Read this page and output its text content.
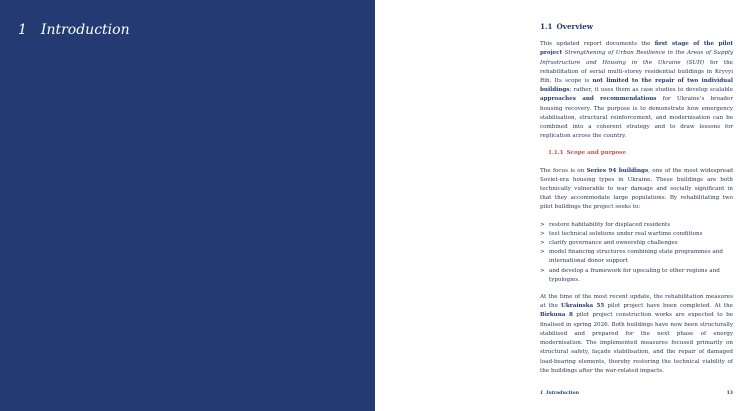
1 Introduction	1.1 Overview

This updated report documents the first stage of the pilot project Strengthening of Urban Resilience in the Areas of Supply Infrastructure and Housing in the Ukraine (SUH) for the rehabilitation of serial multi-storey residential buildings in Kryvyi Rih. Its scope is not limited to the repair of two individual buildings; rather, it uses them as case studies to develop scalable approaches and recommendations for Ukraine’s broader housing recovery. The purpose is to demonstrate how emergency stabilisation, structural reinforcement, and modernisation can be combined into a coherent strategy and to draw lessons for replication across the country.

1.1.1 Scope and purpose

The focus is on Series 94 buildings, one of the most widespread Soviet-era housing types in Ukraine. These buildings are both technically vulnerable to war damage and socially significant in that they accommodate large populations. By rehabilitating two pilot buildings the project seeks to:

> restore habitability for displaced residents
> test technical solutions under real wartime conditions
> clarify governance and ownership challenges
> model financing structures combining state programmes and international donor support
> and develop a framework for upscaling to other regions and typologies.

At the time of the most recent update, the rehabilitation measures at the Ukrainska 55 pilot project have been completed. At the Birkuna 8 pilot project construction works are expected to be finalised in spring 2026. Both buildings have now been structurally stabilised and prepared for the next phase of energy modernisation. The implemented measures focused primarily on structural safety, façade stabilisation, and the repair of damaged load-bearing elements, thereby restoring the technical viability of the buildings after the war-related impacts.

1 Introduction	13
